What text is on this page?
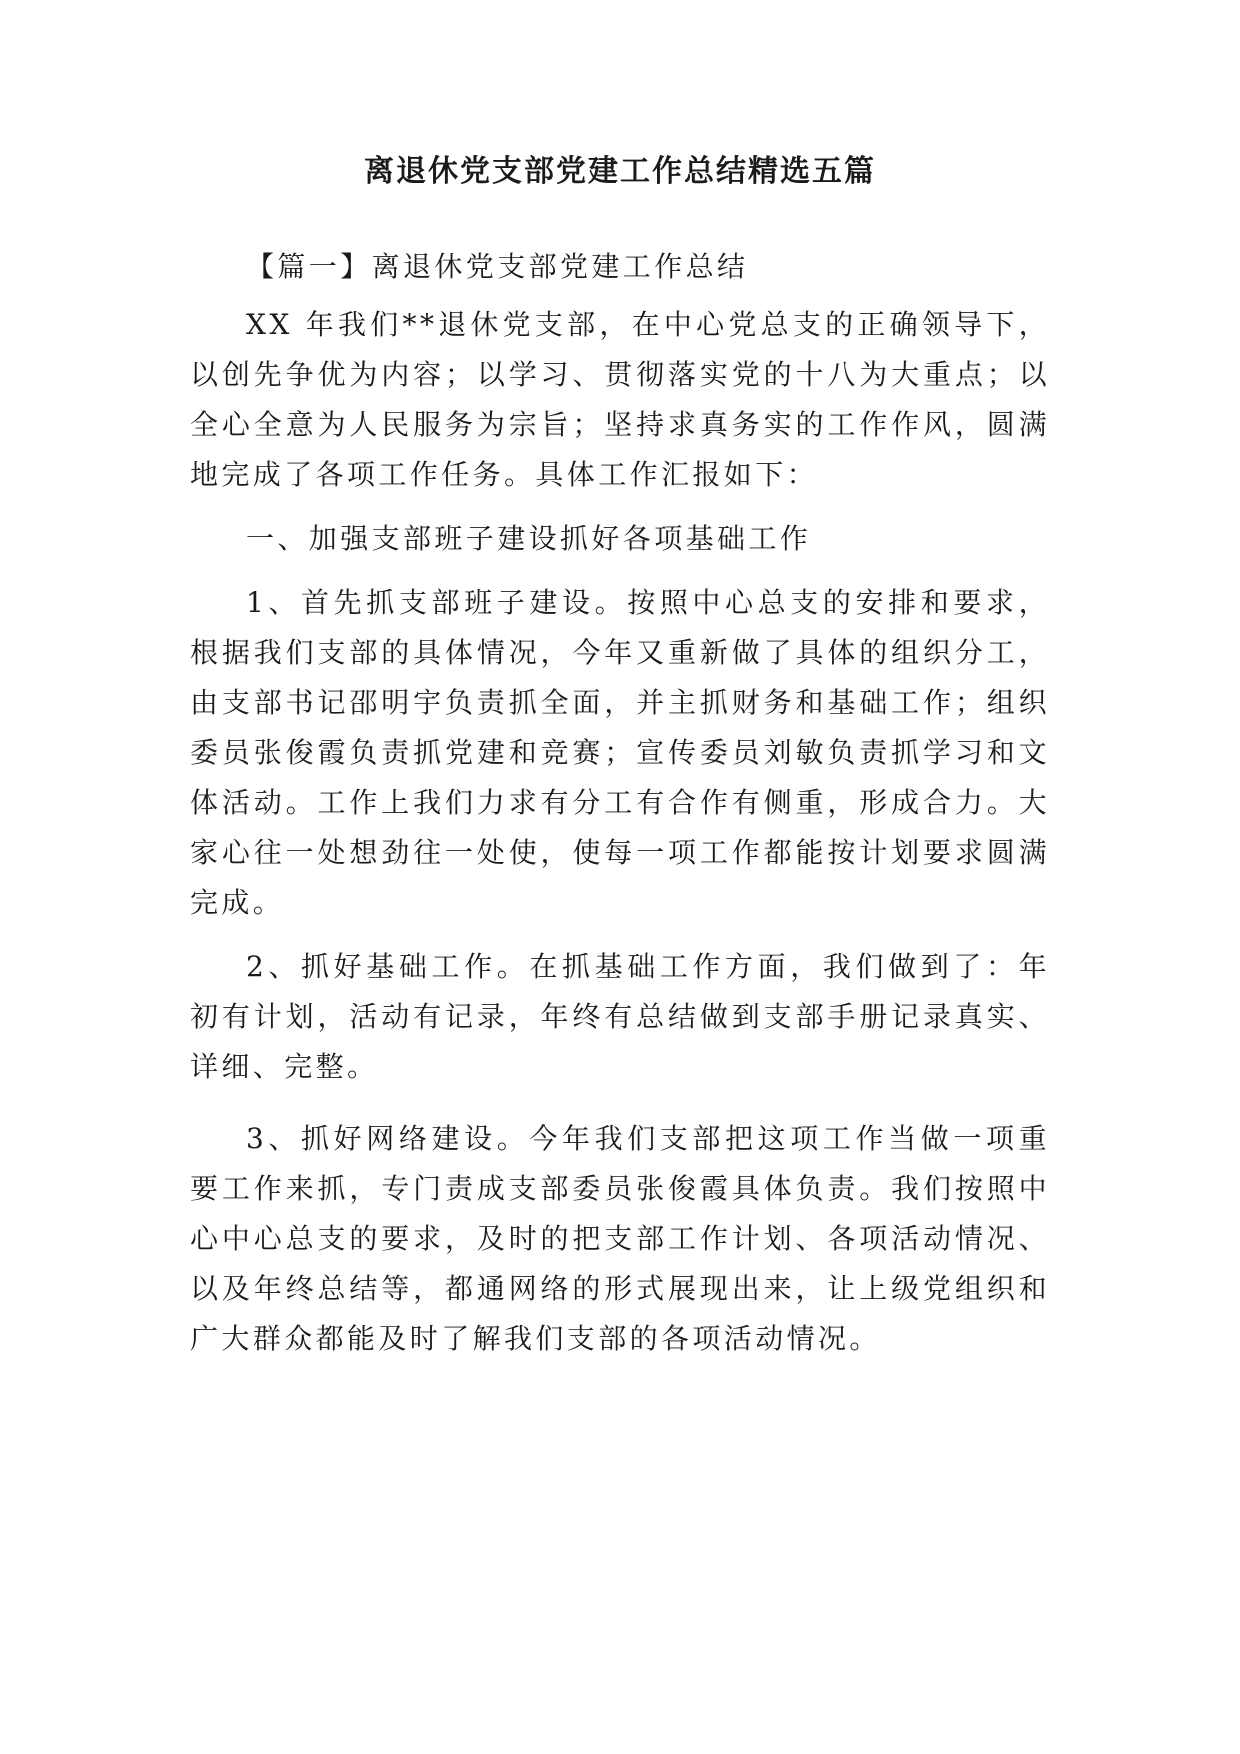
离退休党支部党建工作总结精选五篇

【篇一】离退休党支部党建工作总结

XX 年我们**退休党支部，在中心党总支的正确领导下，以创先争优为内容；以学习、贯彻落实党的十八为大重点；以全心全意为人民服务为宗旨；坚持求真务实的工作作风，圆满地完成了各项工作任务。具体工作汇报如下：

一、加强支部班子建设抓好各项基础工作

1、首先抓支部班子建设。按照中心总支的安排和要求，根据我们支部的具体情况，今年又重新做了具体的组织分工，由支部书记邵明宇负责抓全面，并主抓财务和基础工作；组织委员张俊霞负责抓党建和竞赛；宣传委员刘敏负责抓学习和文体活动。工作上我们力求有分工有合作有侧重，形成合力。大家心往一处想劲往一处使，使每一项工作都能按计划要求圆满完成。

2、抓好基础工作。在抓基础工作方面，我们做到了：年初有计划，活动有记录，年终有总结做到支部手册记录真实、详细、完整。

3、抓好网络建设。今年我们支部把这项工作当做一项重要工作来抓，专门责成支部委员张俊霞具体负责。我们按照中心中心总支的要求，及时的把支部工作计划、各项活动情况、以及年终总结等，都通网络的形式展现出来，让上级党组织和广大群众都能及时了解我们支部的各项活动情况。
